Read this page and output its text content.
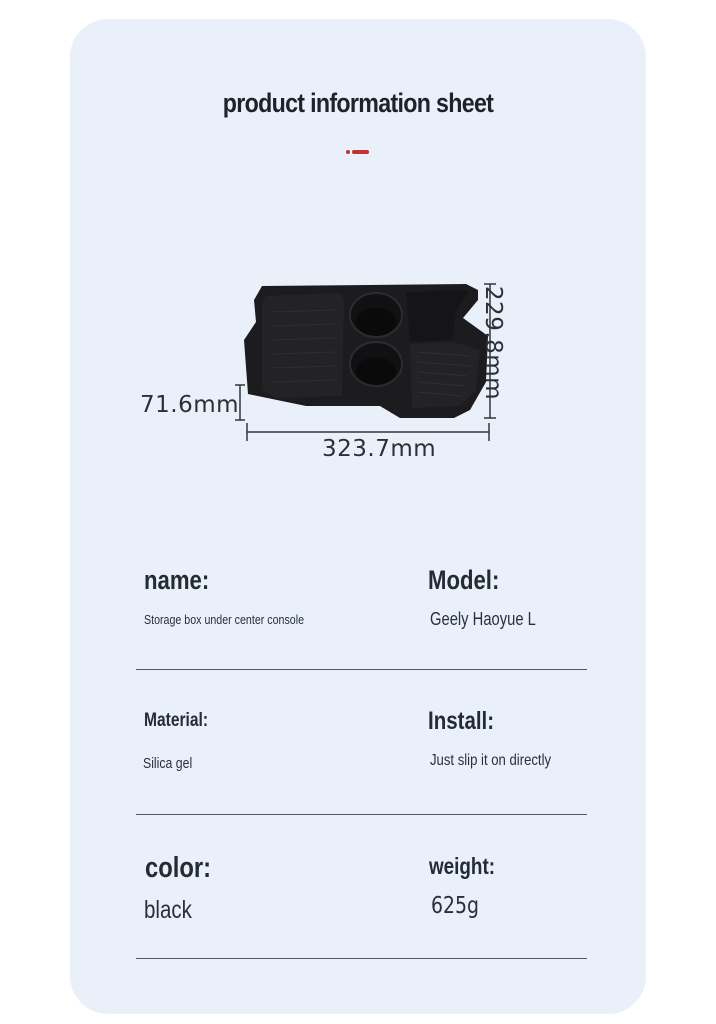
product information sheet
323.7mm
71.6mm
229.8mm
name:
Storage box under center console
Model:
Geely Haoyue L
Material:
Silica gel
Install:
Just slip it on directly
color:
black
weight:
625g
